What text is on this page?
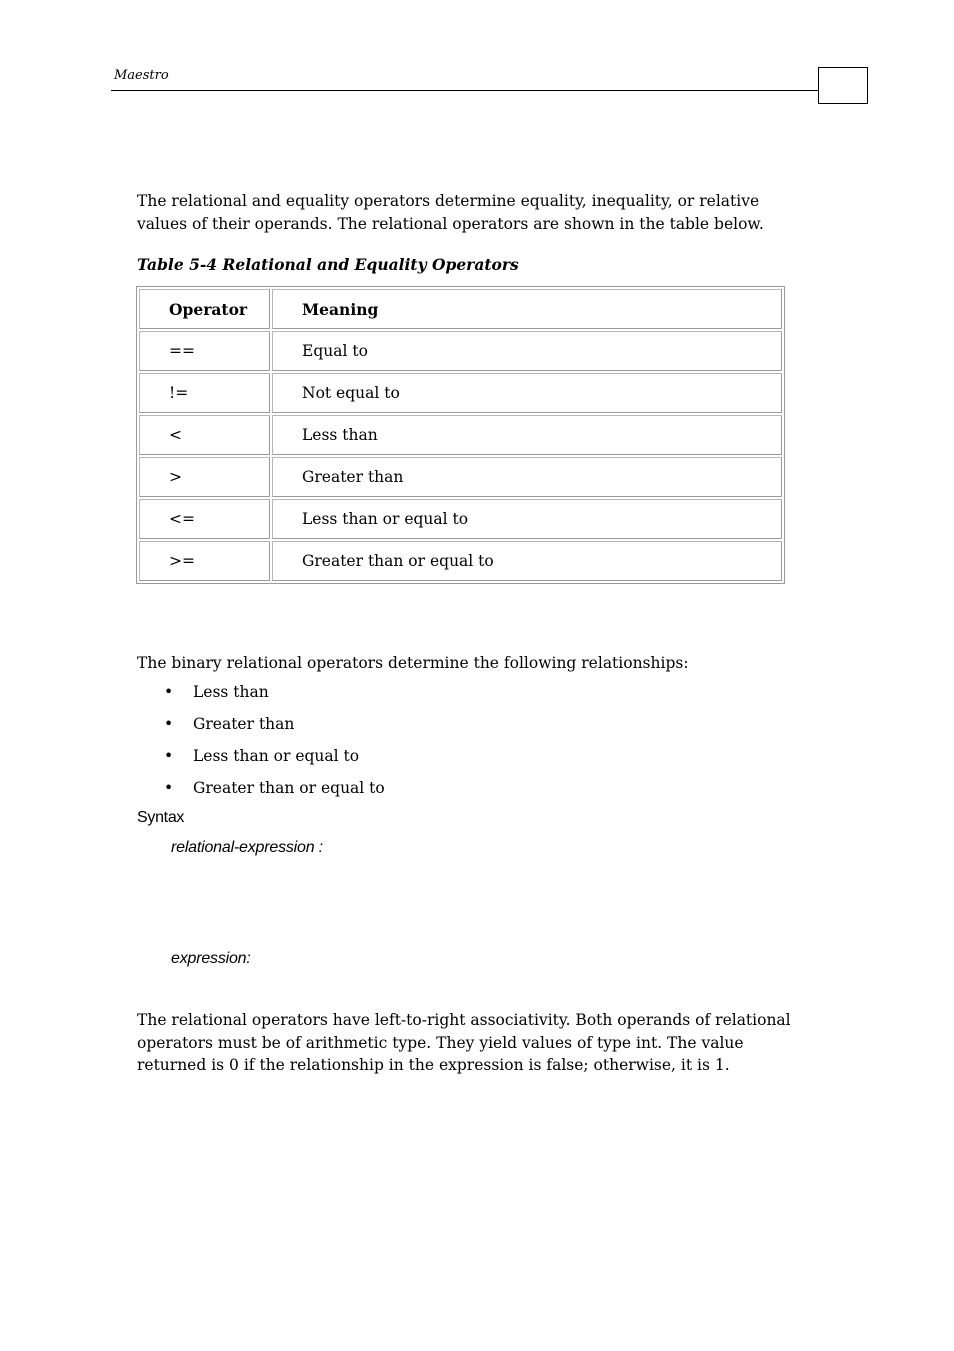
Maestro

The relational and equality operators determine equality, inequality, or relative values of their operands. The relational operators are shown in the table below.

Table 5-4 Relational and Equality Operators
Operator	Meaning
==	Equal to
!=	Not equal to
<	Less than
>	Greater than
<=	Less than or equal to
>=	Greater than or equal to

The binary relational operators determine the following relationships:

• Less than
• Greater than
• Less than or equal to
• Greater than or equal to
Syntax
relational-expression :
expression:

The relational operators have left-to-right associativity. Both operands of relational operators must be of arithmetic type. They yield values of type int. The value returned is 0 if the relationship in the expression is false; otherwise, it is 1.
